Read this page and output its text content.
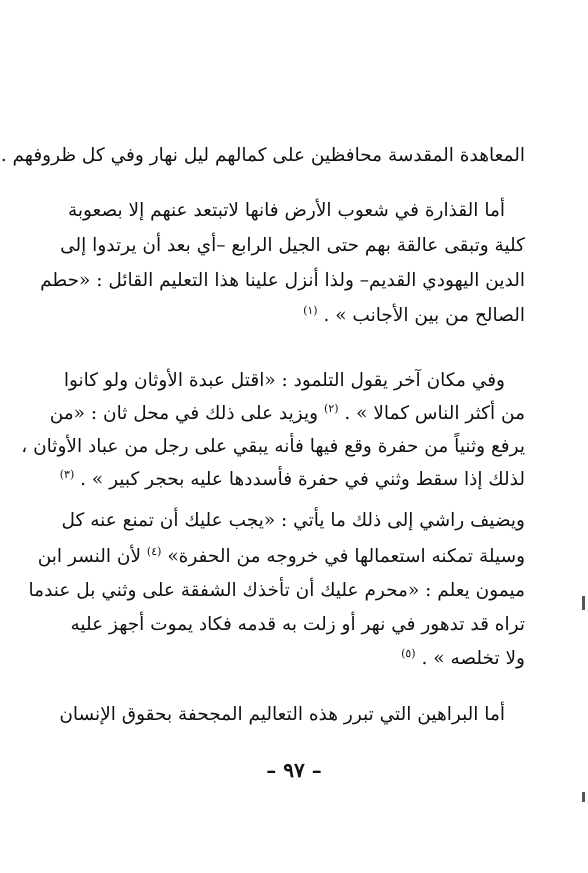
المعاهدة المقدسة محافظين على كمالهم ليل نهار وفي كل ظروفهم .
أما القذارة في شعوب الأرض فانها لاتبتعد عنهم إلا بصعوبة
كلية وتبقى عالقة بهم حتى الجيل الرابع –أي بعد أن يرتدوا إلى
الدين اليهودي القديم– ولذا أنزل علينا هذا التعليم القائل : «حطم
الصالح من بين الأجانب » . $^{(١)}$
وفي مكان آخر يقول التلمود : «اقتل عبدة الأوثان ولو كانوا
من أكثر الناس كمالا » . $^{(٢)}$ ويزيد على ذلك في محل ثان : «من
يرفع وثنياً من حفرة وقع فيها فأنه يبقي على رجل من عباد الأوثان ،
لذلك إذا سقط وثني في حفرة فأسددها عليه بحجر كبير » . $^{(٣)}$
ويضيف راشي إلى ذلك ما يأتي : «يجب عليك أن تمنع عنه كل
وسيلة تمكنه استعمالها في خروجه من الحفرة» $^{(٤)}$ لأن النسر ابن
ميمون يعلم : «محرم عليك أن تأخذك الشفقة على وثني بل عندما
تراه قد تدهور في نهر أو زلت به قدمه فكاد يموت أجهز عليه
ولا تخلصه » . $^{(٥)}$
أما البراهين التي تبرر هذه التعاليم المجحفة بحقوق الإنسان
– ٩٧ –
